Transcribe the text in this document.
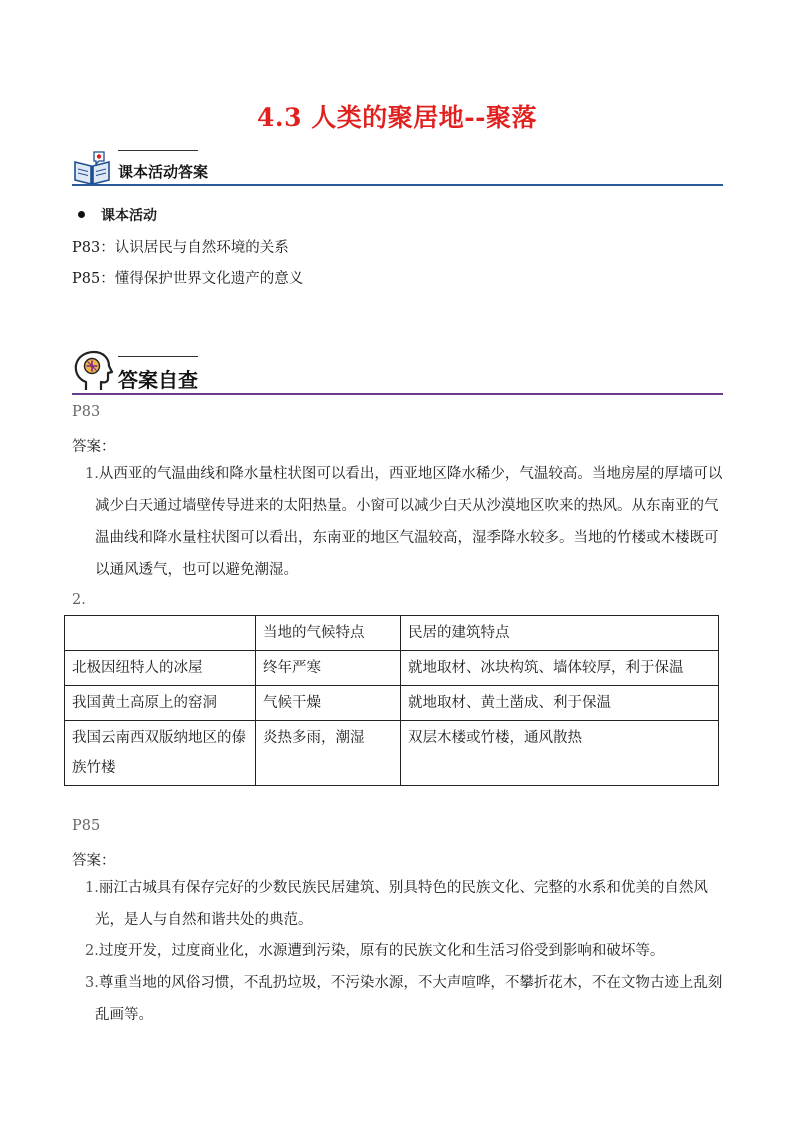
4.3 人类的聚居地--聚落
课本活动答案
课本活动
P83：认识居民与自然环境的关系
P85：懂得保护世界文化遗产的意义
答案自查
P83
答案：
1.从西亚的气温曲线和降水量柱状图可以看出，西亚地区降水稀少，气温较高。当地房屋的厚墙可以减少白天通过墙壁传导进来的太阳热量。小窗可以减少白天从沙漠地区吹来的热风。从东南亚的气温曲线和降水量柱状图可以看出，东南亚的地区气温较高，湿季降水较多。当地的竹楼或木楼既可以通风透气，也可以避免潮湿。
2.
	当地的气候特点	民居的建筑特点
北极因纽特人的冰屋	终年严寒	就地取材、冰块构筑、墙体较厚，利于保温
我国黄土高原上的窑洞	气候干燥	就地取材、黄土凿成、利于保温
我国云南西双版纳地区的傣族竹楼	炎热多雨，潮湿	双层木楼或竹楼，通风散热
P85
答案：
1.丽江古城具有保存完好的少数民族民居建筑、别具特色的民族文化、完整的水系和优美的自然风光，是人与自然和谐共处的典范。
2.过度开发，过度商业化，水源遭到污染，原有的民族文化和生活习俗受到影响和破坏等。
3.尊重当地的风俗习惯，不乱扔垃圾，不污染水源，不大声喧哗，不攀折花木，不在文物古迹上乱刻乱画等。
